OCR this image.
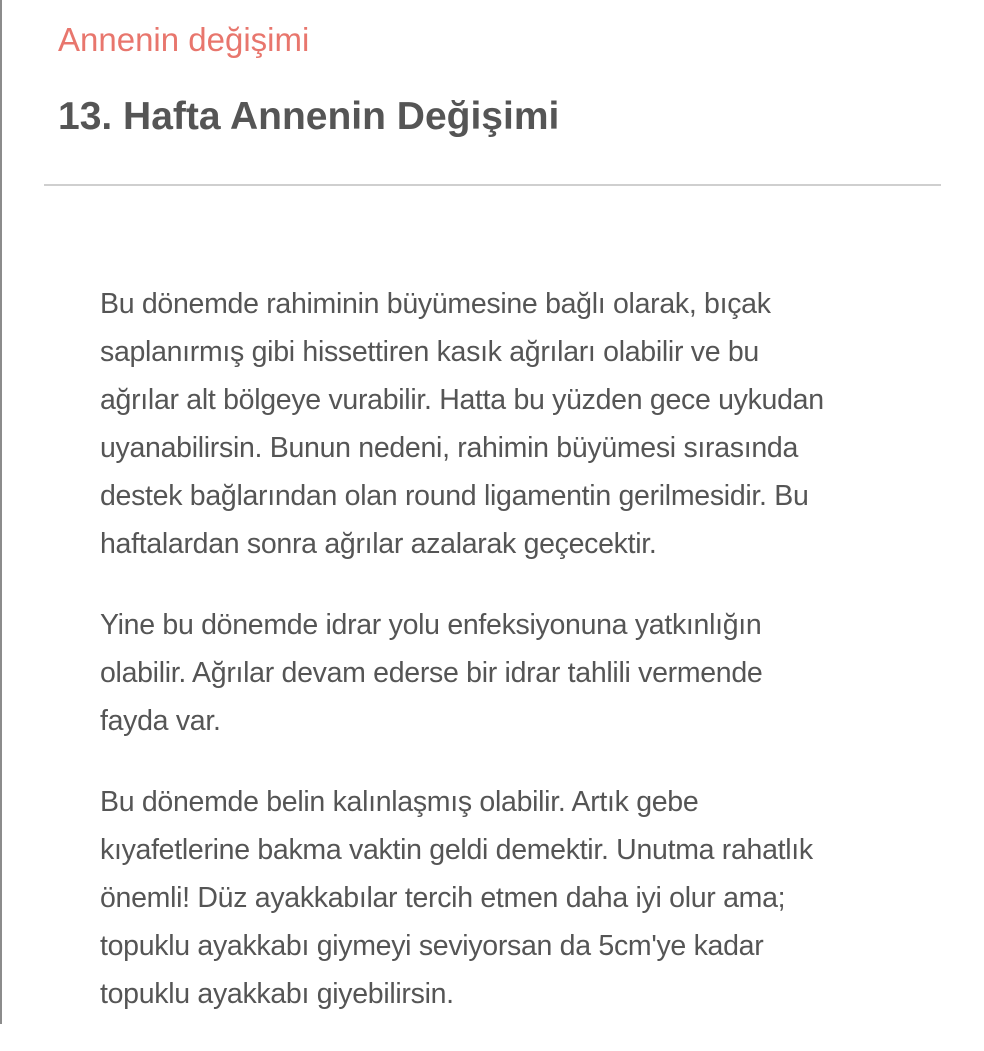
Annenin değişimi
13. Hafta Annenin Değişimi

Bu dönemde rahiminin büyümesine bağlı olarak, bıçak
saplanırmış gibi hissettiren kasık ağrıları olabilir ve bu
ağrılar alt bölgeye vurabilir. Hatta bu yüzden gece uykudan
uyanabilirsin. Bunun nedeni, rahimin büyümesi sırasında
destek bağlarından olan round ligamentin gerilmesidir. Bu
haftalardan sonra ağrılar azalarak geçecektir.

Yine bu dönemde idrar yolu enfeksiyonuna yatkınlığın
olabilir. Ağrılar devam ederse bir idrar tahlili vermende
fayda var.

Bu dönemde belin kalınlaşmış olabilir. Artık gebe
kıyafetlerine bakma vaktin geldi demektir. Unutma rahatlık
önemli! Düz ayakkabılar tercih etmen daha iyi olur ama;
topuklu ayakkabı giymeyi seviyorsan da 5cm'ye kadar
topuklu ayakkabı giyebilirsin.
